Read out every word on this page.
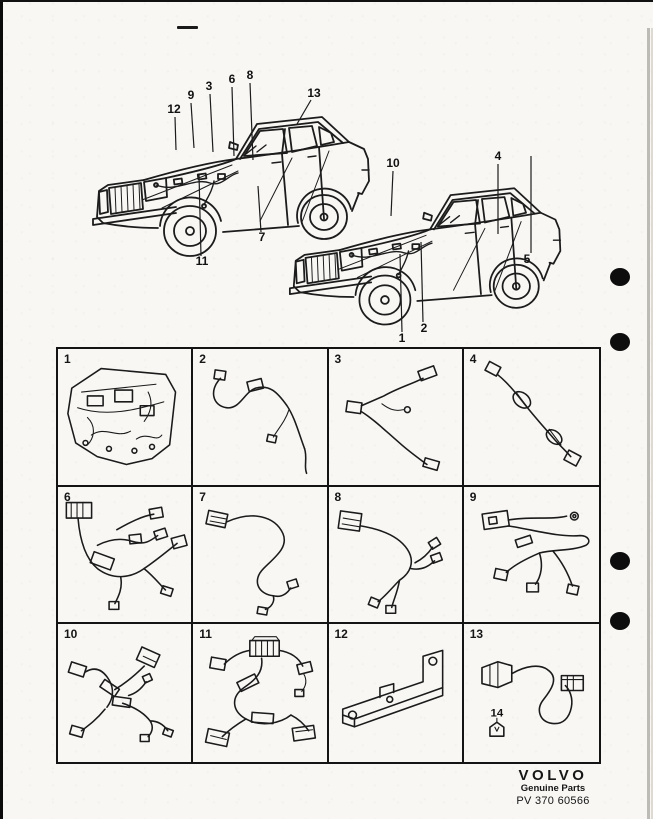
12
9
3 6 8
13
7
11
10	4
5
1
2
1	2	3	4
6	7	8	9
10	11	12	13
14
VOLVO
Genuine Parts
PV 370 60566
